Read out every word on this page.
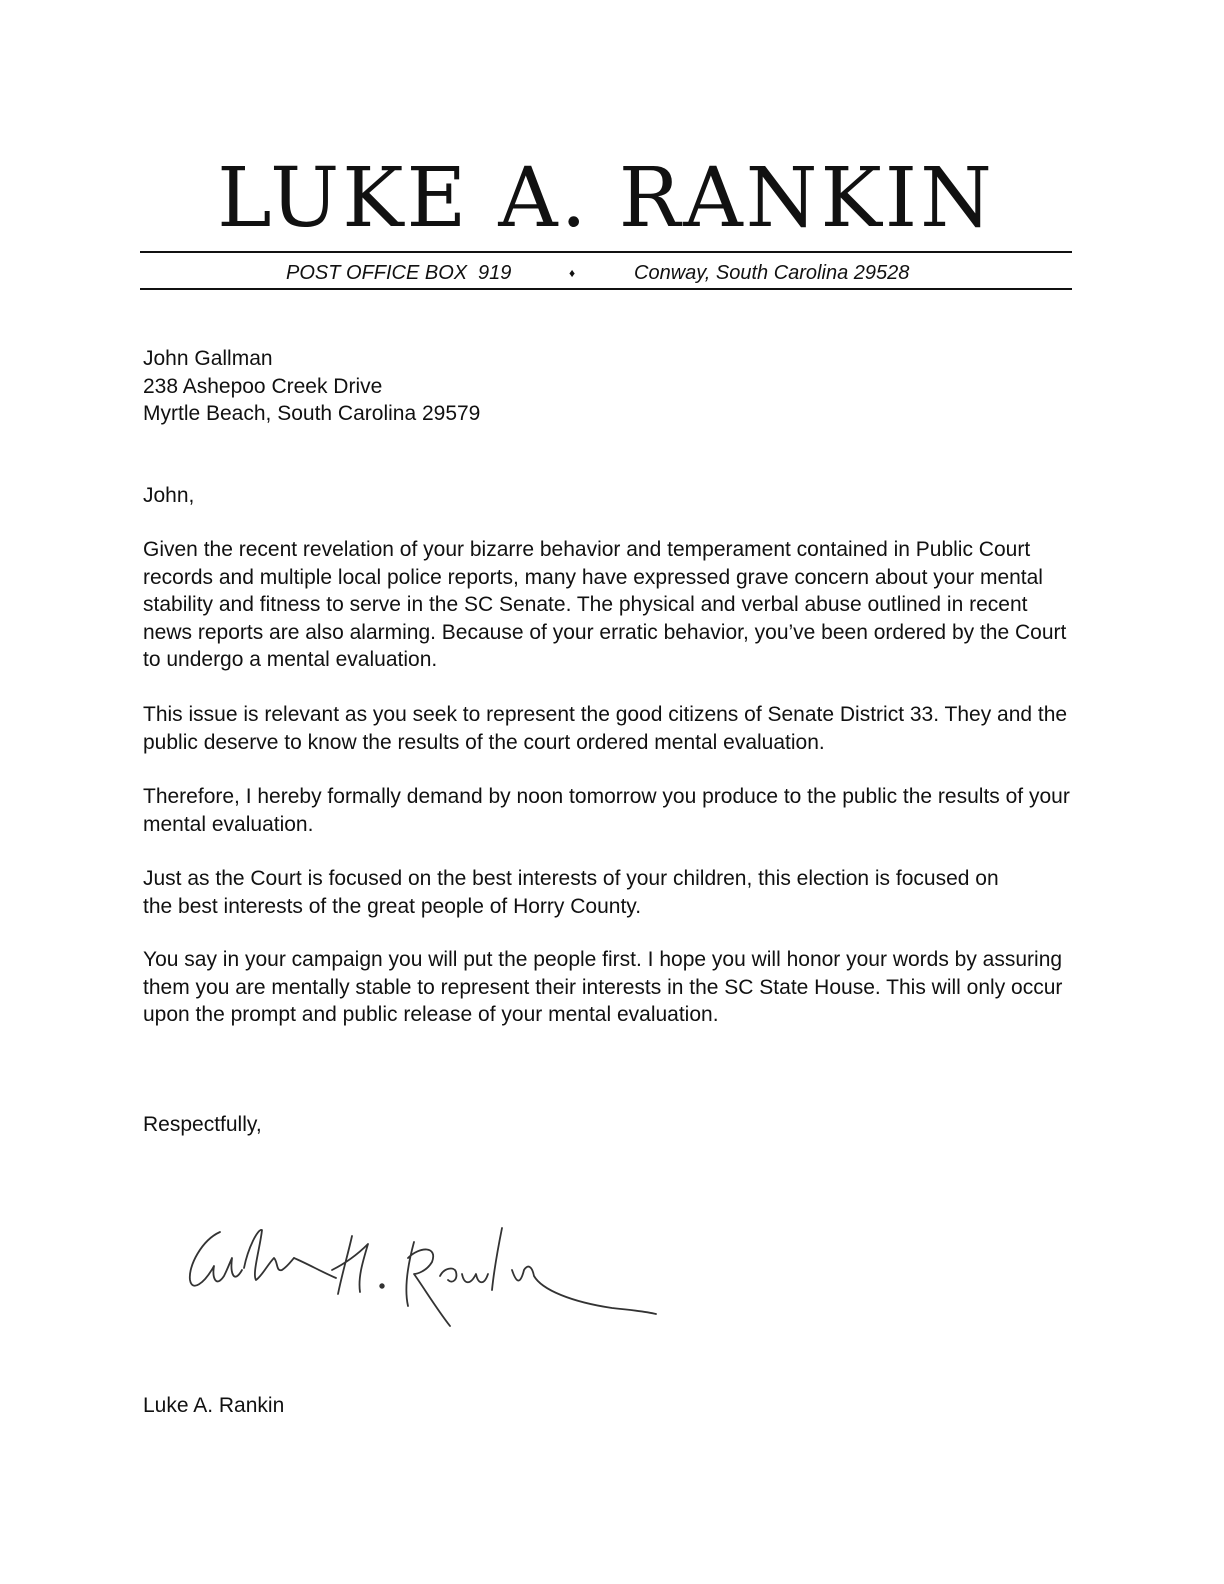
LUKE A. RANKIN
POST OFFICE BOX 919	♦	Conway, South Carolina 29528
John Gallman
238 Ashepoo Creek Drive
Myrtle Beach, South Carolina 29579
John,

Given the recent revelation of your bizarre behavior and temperament contained in Public Court records and multiple local police reports, many have expressed grave concern about your mental stability and fitness to serve in the SC Senate. The physical and verbal abuse outlined in recent news reports are also alarming. Because of your erratic behavior, you’ve been ordered by the Court to undergo a mental evaluation.

This issue is relevant as you seek to represent the good citizens of Senate District 33. They and the public deserve to know the results of the court ordered mental evaluation.

Therefore, I hereby formally demand by noon tomorrow you produce to the public the results of your mental evaluation.

Just as the Court is focused on the best interests of your children, this election is focused on the best interests of the great people of Horry County.

You say in your campaign you will put the people first. I hope you will honor your words by assuring them you are mentally stable to represent their interests in the SC State House. This will only occur upon the prompt and public release of your mental evaluation.

Respectfully,
Luke A. Rankin
